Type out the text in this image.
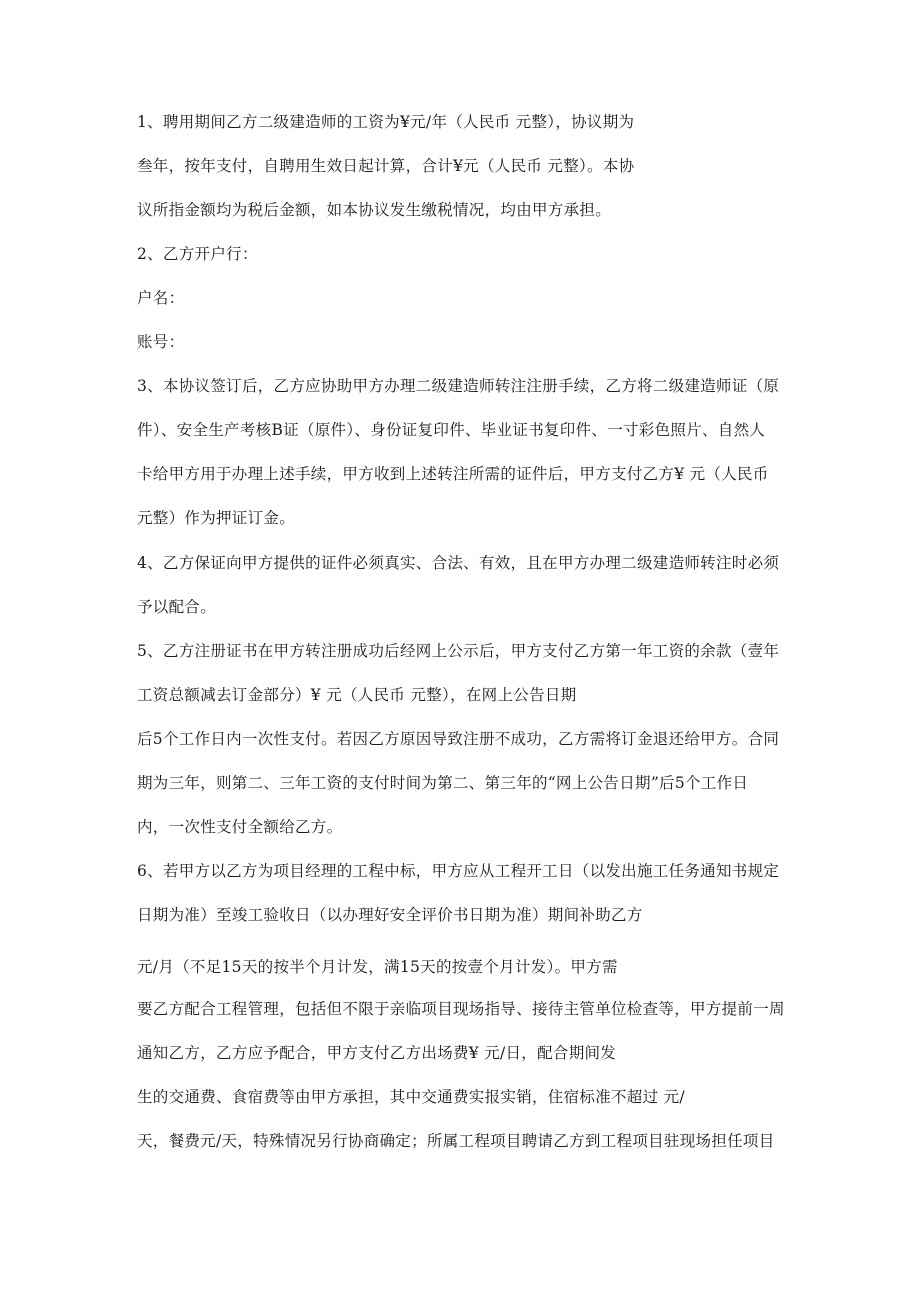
1、聘用期间乙方二级建造师的工资为¥元/年（人民币 元整），协议期为
叁年，按年支付，自聘用生效日起计算，合计¥元（人民币 元整）。本协
议所指金额均为税后金额，如本协议发生缴税情况，均由甲方承担。
2、乙方开户行：
户名：
账号：
3、本协议签订后，乙方应协助甲方办理二级建造师转注注册手续，乙方将二级建造师证（原
件）、安全生产考核B证（原件）、身份证复印件、毕业证书复印件、一寸彩色照片、自然人
卡给甲方用于办理上述手续，甲方收到上述转注所需的证件后，甲方支付乙方¥ 元（人民币
元整）作为押证订金。
4、乙方保证向甲方提供的证件必须真实、合法、有效，且在甲方办理二级建造师转注时必须
予以配合。
5、乙方注册证书在甲方转注册成功后经网上公示后，甲方支付乙方第一年工资的余款（壹年
工资总额减去订金部分）¥ 元（人民币 元整），在网上公告日期
后5个工作日内一次性支付。若因乙方原因导致注册不成功，乙方需将订金退还给甲方。合同
期为三年，则第二、三年工资的支付时间为第二、第三年的“网上公告日期”后5个工作日
内，一次性支付全额给乙方。
6、若甲方以乙方为项目经理的工程中标，甲方应从工程开工日（以发出施工任务通知书规定
日期为准）至竣工验收日（以办理好安全评价书日期为准）期间补助乙方
元/月（不足15天的按半个月计发，满15天的按壹个月计发）。甲方需
要乙方配合工程管理，包括但不限于亲临项目现场指导、接待主管单位检查等，甲方提前一周
通知乙方，乙方应予配合，甲方支付乙方出场费¥ 元/日，配合期间发
生的交通费、食宿费等由甲方承担，其中交通费实报实销，住宿标准不超过 元/
天，餐费元/天，特殊情况另行协商确定；所属工程项目聘请乙方到工程项目驻现场担任项目
